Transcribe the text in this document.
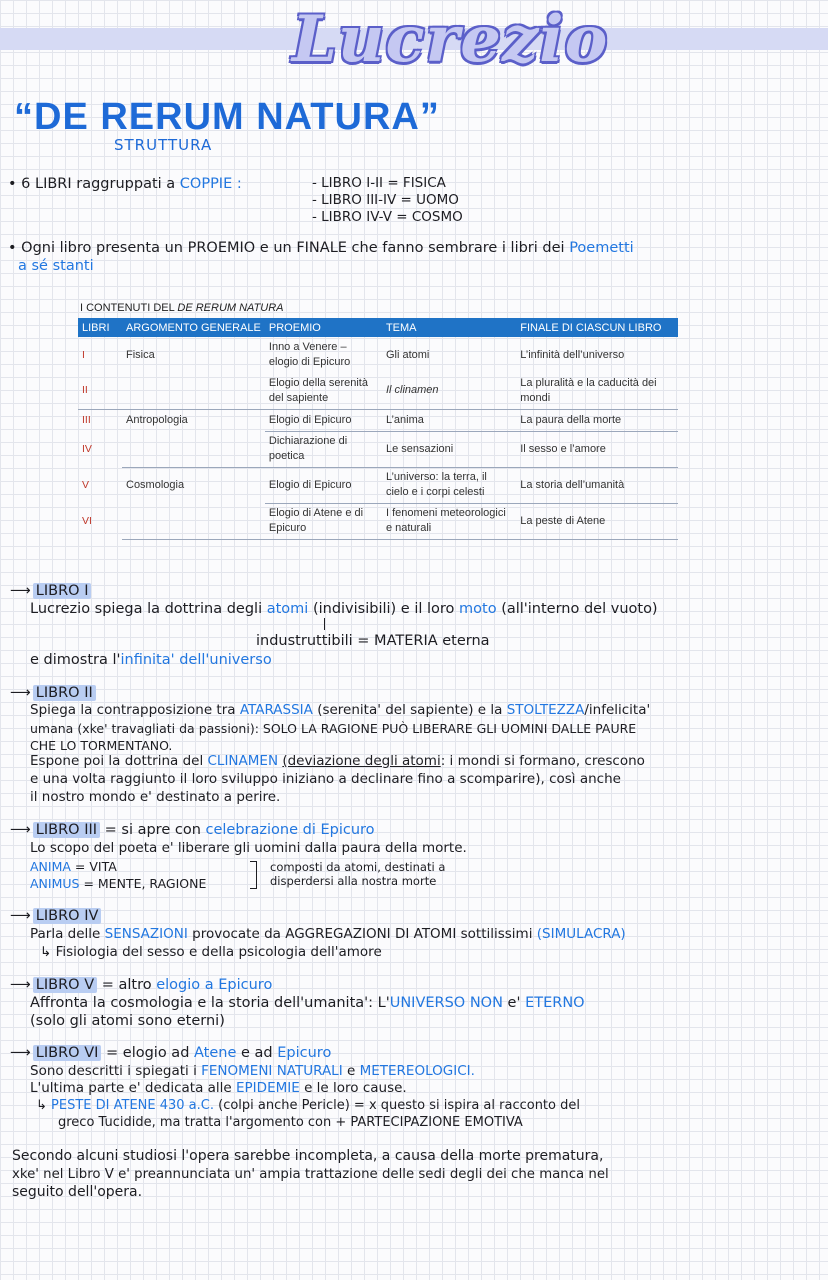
Lucrezio
“DE RERUM NATURA”
STRUTTURA
• 6 LIBRI raggruppati a COPPIE :	- LIBRO I-II = FISICA
- LIBRO III-IV = UOMO
- LIBRO IV-V = COSMO
• Ogni libro presenta un PROEMIO e un FINALE che fanno sembrare i libri dei Poemetti
a sé stanti
I CONTENUTI DEL DE RERUM NATURA
LIBRI	ARGOMENTO GENERALE	PROEMIO	TEMA	FINALE DI CIASCUN LIBRO
I	Fisica	Inno a Venere – elogio di Epicuro	Gli atomi	L’infinità dell’universo
II		Elogio della serenità del sapiente	Il clinamen	La pluralità e la caducità dei mondi
III	Antropologia	Elogio di Epicuro	L’anima	La paura della morte
IV		Dichiarazione di poetica	Le sensazioni	Il sesso e l’amore
V	Cosmologia	Elogio di Epicuro	L’universo: la terra, il cielo e i corpi celesti	La storia dell’umanità
VI		Elogio di Atene e di Epicuro	I fenomeni meteorologici e naturali	La peste di Atene
⟶ LIBRO I
Lucrezio spiega la dottrina degli atomi (indivisibili) e il loro moto (all'interno del vuoto)
industruttibili = MATERIA eterna
e dimostra l'infinita' dell'universo
⟶ LIBRO II
Spiega la contrapposizione tra ATARASSIA (serenita' del sapiente) e la STOLTEZZA/infelicita'
umana (xke' travagliati da passioni): SOLO LA RAGIONE PUÒ LIBERARE GLI UOMINI DALLE PAURE
CHE LO TORMENTANO.
Espone poi la dottrina del CLINAMEN (deviazione degli atomi: i mondi si formano, crescono
e una volta raggiunto il loro sviluppo iniziano a declinare fino a scomparire), così anche
il nostro mondo e' destinato a perire.
⟶ LIBRO III = si apre con celebrazione di Epicuro
Lo scopo del poeta e' liberare gli uomini dalla paura della morte.
ANIMA = VITA
ANIMUS = MENTE, RAGIONE
composti da atomi, destinati a
disperdersi alla nostra morte
⟶ LIBRO IV
Parla delle SENSAZIONI provocate da AGGREGAZIONI DI ATOMI sottilissimi (SIMULACRA)
↳ Fisiologia del sesso e della psicologia dell'amore
⟶ LIBRO V = altro elogio a Epicuro
Affronta la cosmologia e la storia dell'umanita': L'UNIVERSO NON e' ETERNO
(solo gli atomi sono eterni)
⟶ LIBRO VI = elogio ad Atene e ad Epicuro
Sono descritti i spiegati i FENOMENI NATURALI e METEREOLOGICI.
L'ultima parte e' dedicata alle EPIDEMIE e le loro cause.
↳ PESTE DI ATENE 430 a.C. (colpi anche Pericle) = x questo si ispira al racconto del
greco Tucidide, ma tratta l'argomento con + PARTECIPAZIONE EMOTIVA
Secondo alcuni studiosi l'opera sarebbe incompleta, a causa della morte prematura,
xke' nel Libro V e' preannunciata un' ampia trattazione delle sedi degli dei che manca nel
seguito dell'opera.
